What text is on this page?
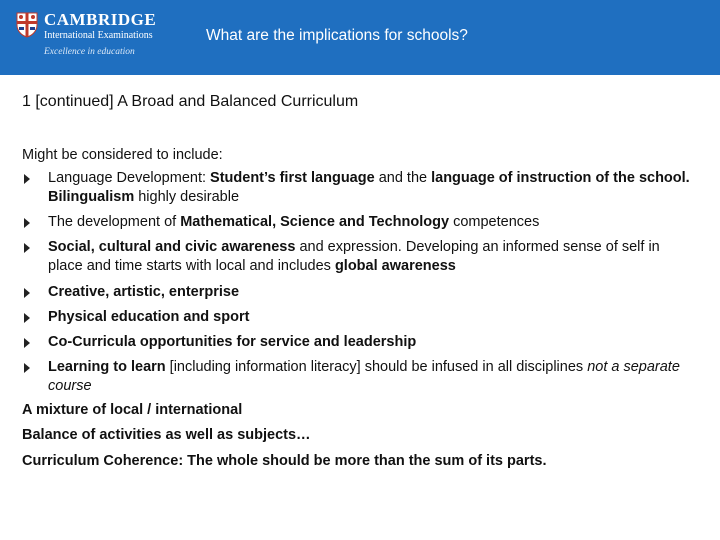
CAMBRIDGE
International Examinations
Excellence in education
What are the implications for schools?
1 [continued] A Broad and Balanced Curriculum
Might be considered to include:
Language Development: Student’s first language and the language of instruction of the school. Bilingualism highly desirable
The development of Mathematical, Science and Technology competences
Social, cultural and civic awareness and expression. Developing an informed sense of self in place and time starts with local and includes global awareness
Creative, artistic, enterprise
Physical education and sport
Co-Curricula opportunities for service and leadership
Learning to learn [including information literacy] should be infused in all disciplines not a separate course
A mixture of local / international
Balance of activities as well as subjects…
Curriculum Coherence: The whole should be more than the sum of its parts.
